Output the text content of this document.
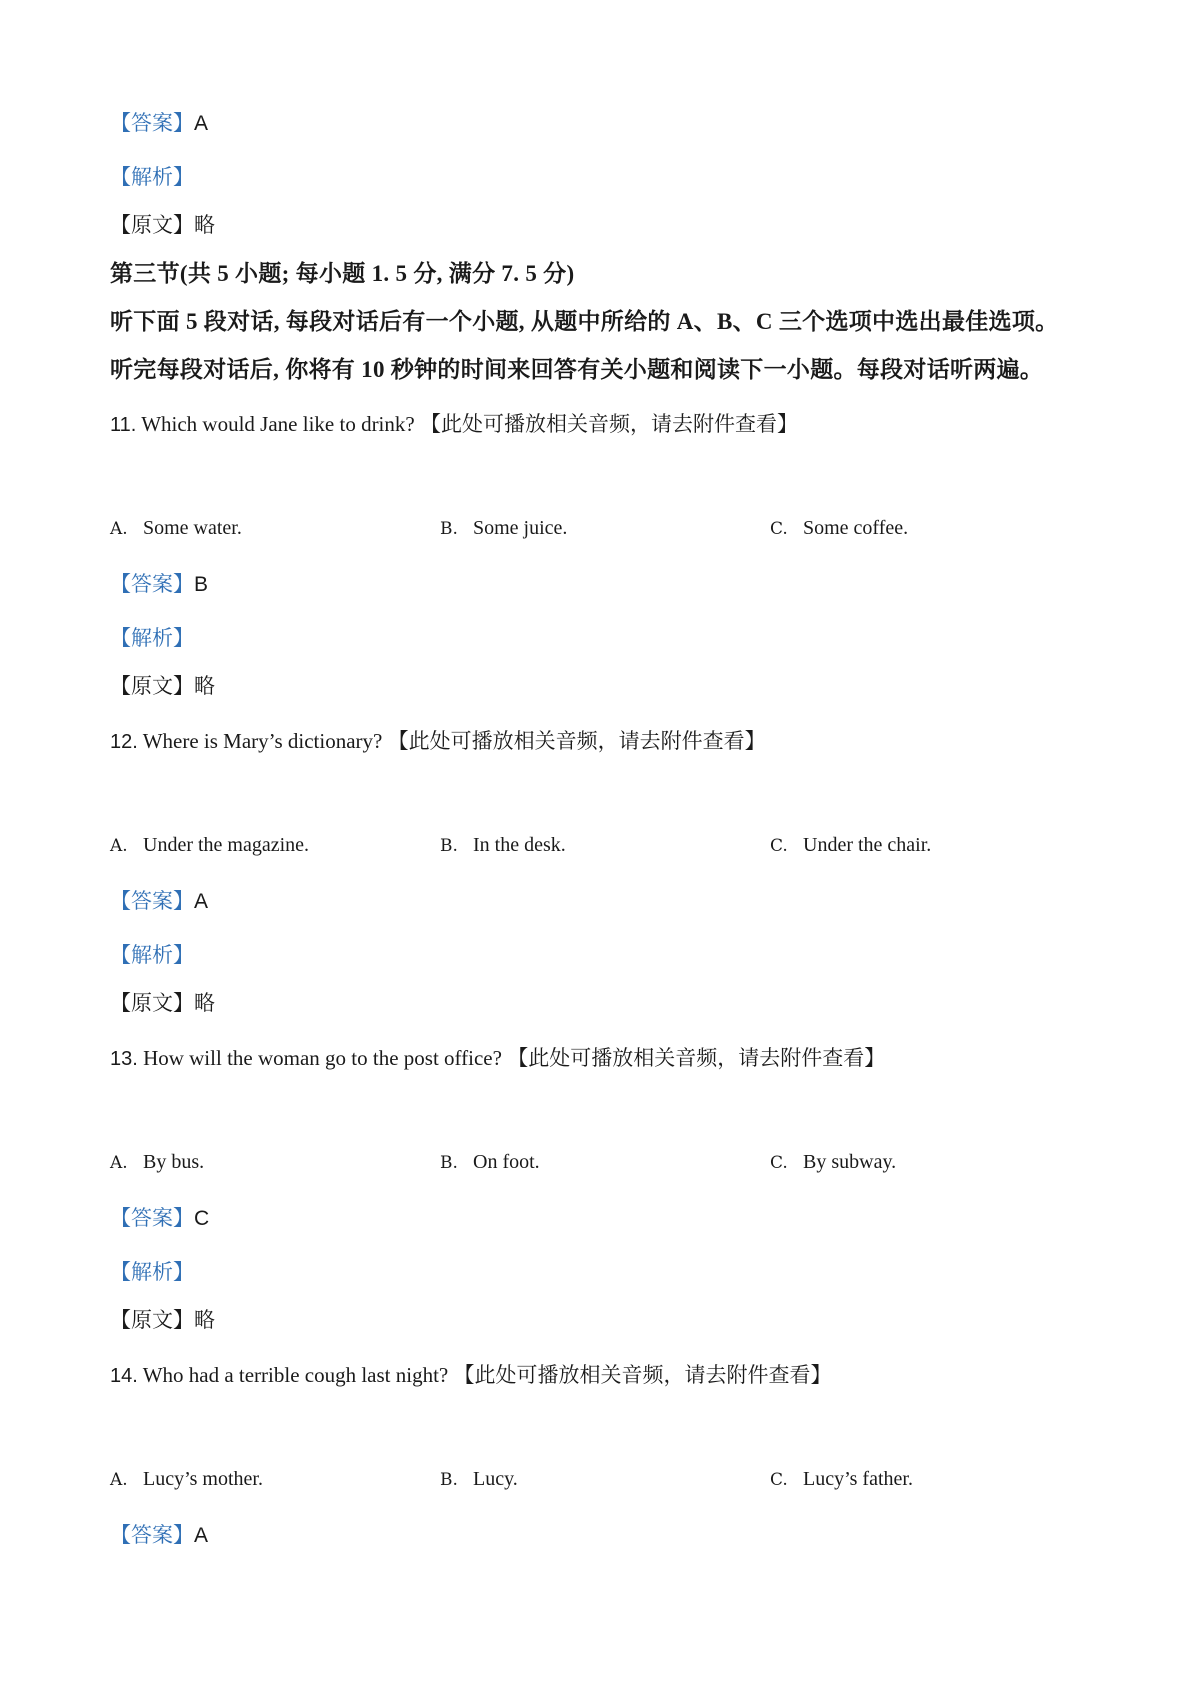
【答案】A
【解析】
【原文】略
第三节(共 5 小题; 每小题 1. 5 分, 满分 7. 5 分)
听下面 5 段对话, 每段对话后有一个小题, 从题中所给的 A、B、C 三个选项中选出最佳选项。
听完每段对话后, 你将有 10 秒钟的时间来回答有关小题和阅读下一小题。每段对话听两遍。
11. Which would Jane like to drink? 【此处可播放相关音频，请去附件查看】
A. Some water.	B. Some juice.	C. Some coffee.
【答案】B
【解析】
【原文】略
12. Where is Mary’s dictionary? 【此处可播放相关音频，请去附件查看】
A. Under the magazine.	B. In the desk.	C. Under the chair.
【答案】A
【解析】
【原文】略
13. How will the woman go to the post office? 【此处可播放相关音频，请去附件查看】
A. By bus.	B. On foot.	C. By subway.
【答案】C
【解析】
【原文】略
14. Who had a terrible cough last night? 【此处可播放相关音频，请去附件查看】
A. Lucy’s mother.	B. Lucy.	C. Lucy’s father.
【答案】A
